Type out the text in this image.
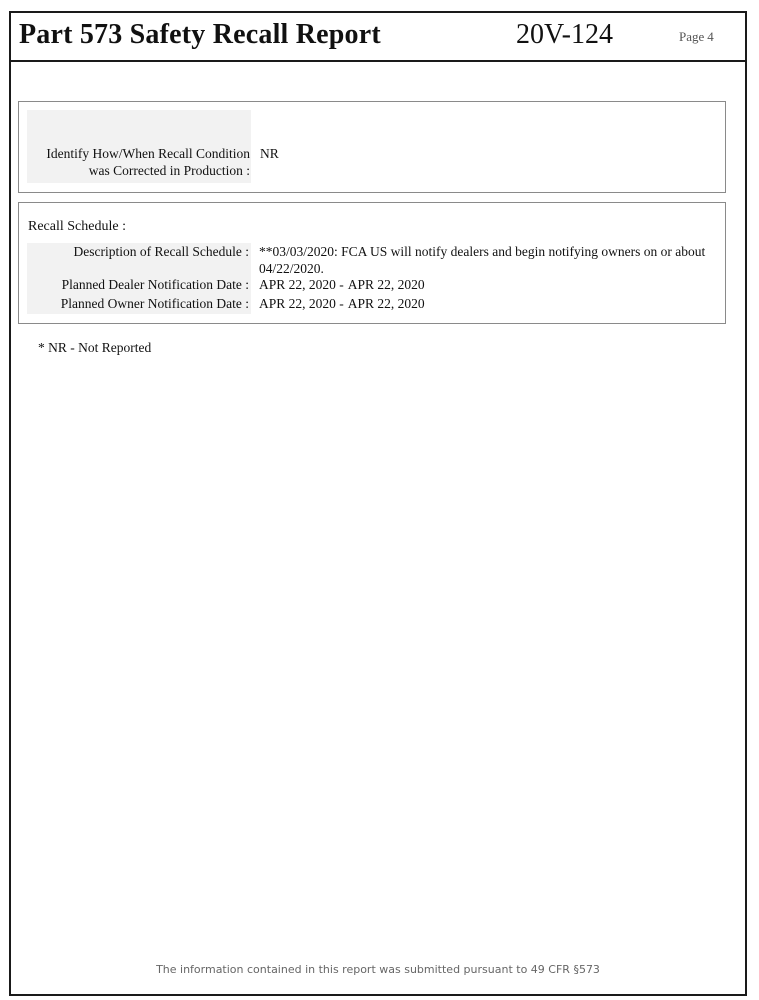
Part 573 Safety Recall Report	20V-124	Page 4
Identify How/When Recall Condition
was Corrected in Production :
NR
Recall Schedule :
Description of Recall Schedule : **03/03/2020: FCA US will notify dealers and begin notifying owners on or about 04/22/2020.
Planned Dealer Notification Date : APR 22, 2020 - APR 22, 2020
Planned Owner Notification Date : APR 22, 2020 - APR 22, 2020
* NR - Not Reported
The information contained in this report was submitted pursuant to 49 CFR §573
